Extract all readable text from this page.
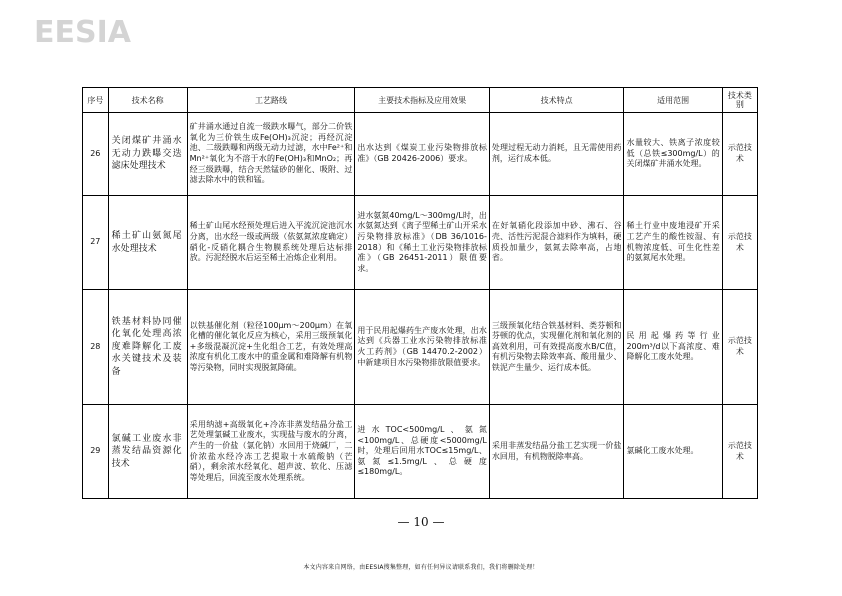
EESIA
序号	技术名称	工艺路线	主要技术指标及应用效果	技术特点	适用范围	技术类别
26	关闭煤矿井涌水无动力跌曝交迭滤床处理技术	矿井涌水通过自流一级跌水曝气，部分二价铁氧化为三价铁生成Fe(OH)₃沉淀；再经沉淀池、二级跌曝和两级无动力过滤，水中Fe²⁺和Mn²⁺氧化为不溶于水的Fe(OH)₃和MnO₂；再经三级跌曝，结合天然锰砂的催化、吸附、过滤去除水中的铁和锰。	出水达到《煤炭工业污染物排放标准》（GB 20426-2006）要求。	处理过程无动力消耗，且无需使用药剂，运行成本低。	水量较大、铁离子浓度较低（总铁≤300mg/L）的关闭煤矿井涌水处理。	示范技术
27	稀土矿山氨氮尾水处理技术	稀土矿山尾水经预处理后进入平流沉淀池沉水分离，出水经一级或两级（依氨氮浓度确定）硝化-反硝化耦合生物膜系统处理后达标排放。污泥经脱水后运至稀土冶炼企业利用。	进水氨氮40mg/L～300mg/L时，出水氨氮达到《离子型稀土矿山开采水污染物排放标准》（DB 36/1016-2018）和《稀土工业污染物排放标准》（GB 26451-2011）限值要求。	在好氧硝化段添加中砂、沸石、谷壳、活性污泥混合滤料作为填料，硬质投加量少，氨氮去除率高，占地省。	稀土行业中废地浸矿开采工艺产生的酸性铵湿、有机物浓度低、可生化性差的氨氮尾水处理。	示范技术
28	铁基材料协同催化氧化处理高浓度难降解化工废水关键技术及装备	以铁基催化剂（粒径100μm～200μm）在氧化槽的催化氧化反应为核心，采用三级预氧化+多级混凝沉淀+生化组合工艺，有效处理高浓度有机化工废水中的重金属和难降解有机物等污染物，同时实现脱氮降硫。	用于民用起爆药生产废水处理，出水达到《兵器工业水污染物排放标准 火工药剂》（GB 14470.2-2002）中新建项目水污染物排放限值要求。	三级预氧化结合铁基材料、类芬顿和芬顿的优点，实现催化剂和氧化剂的高效利用，可有效提高废水B/C值，有机污染物去除效率高、酸用量少、铁泥产生量少、运行成本低。	民用起爆药等行业200m³/d以下高浓度、难降解化工废水处理。	示范技术
29	氯碱工业废水非蒸发结晶资源化技术	采用纳滤+高级氧化+冷冻非蒸发结晶分盐工艺处理氯碱工业废水，实现盐与废水的分离，产生的一价盐（氯化钠）水回用于烧碱厂，二价浓盐水经冷冻工艺提取十水硫酸钠（芒硝），剩余浓水经氧化、超声波、软化、压滤等处理后，回流至废水处理系统。	进水TOC<500mg/L、氨氮<100mg/L、总硬度<5000mg/L时，处理后回用水TOC≤15mg/L、氨氮≤1.5mg/L、总硬度≤180mg/L。	采用非蒸发结晶分盐工艺实现一价盐水回用，有机物脱除率高。	氯碱化工废水处理。	示范技术
— 10 —
本文内容来自网络，由EESIA搜集整理，如有任何异议请联系我们，我们将删除处理！
